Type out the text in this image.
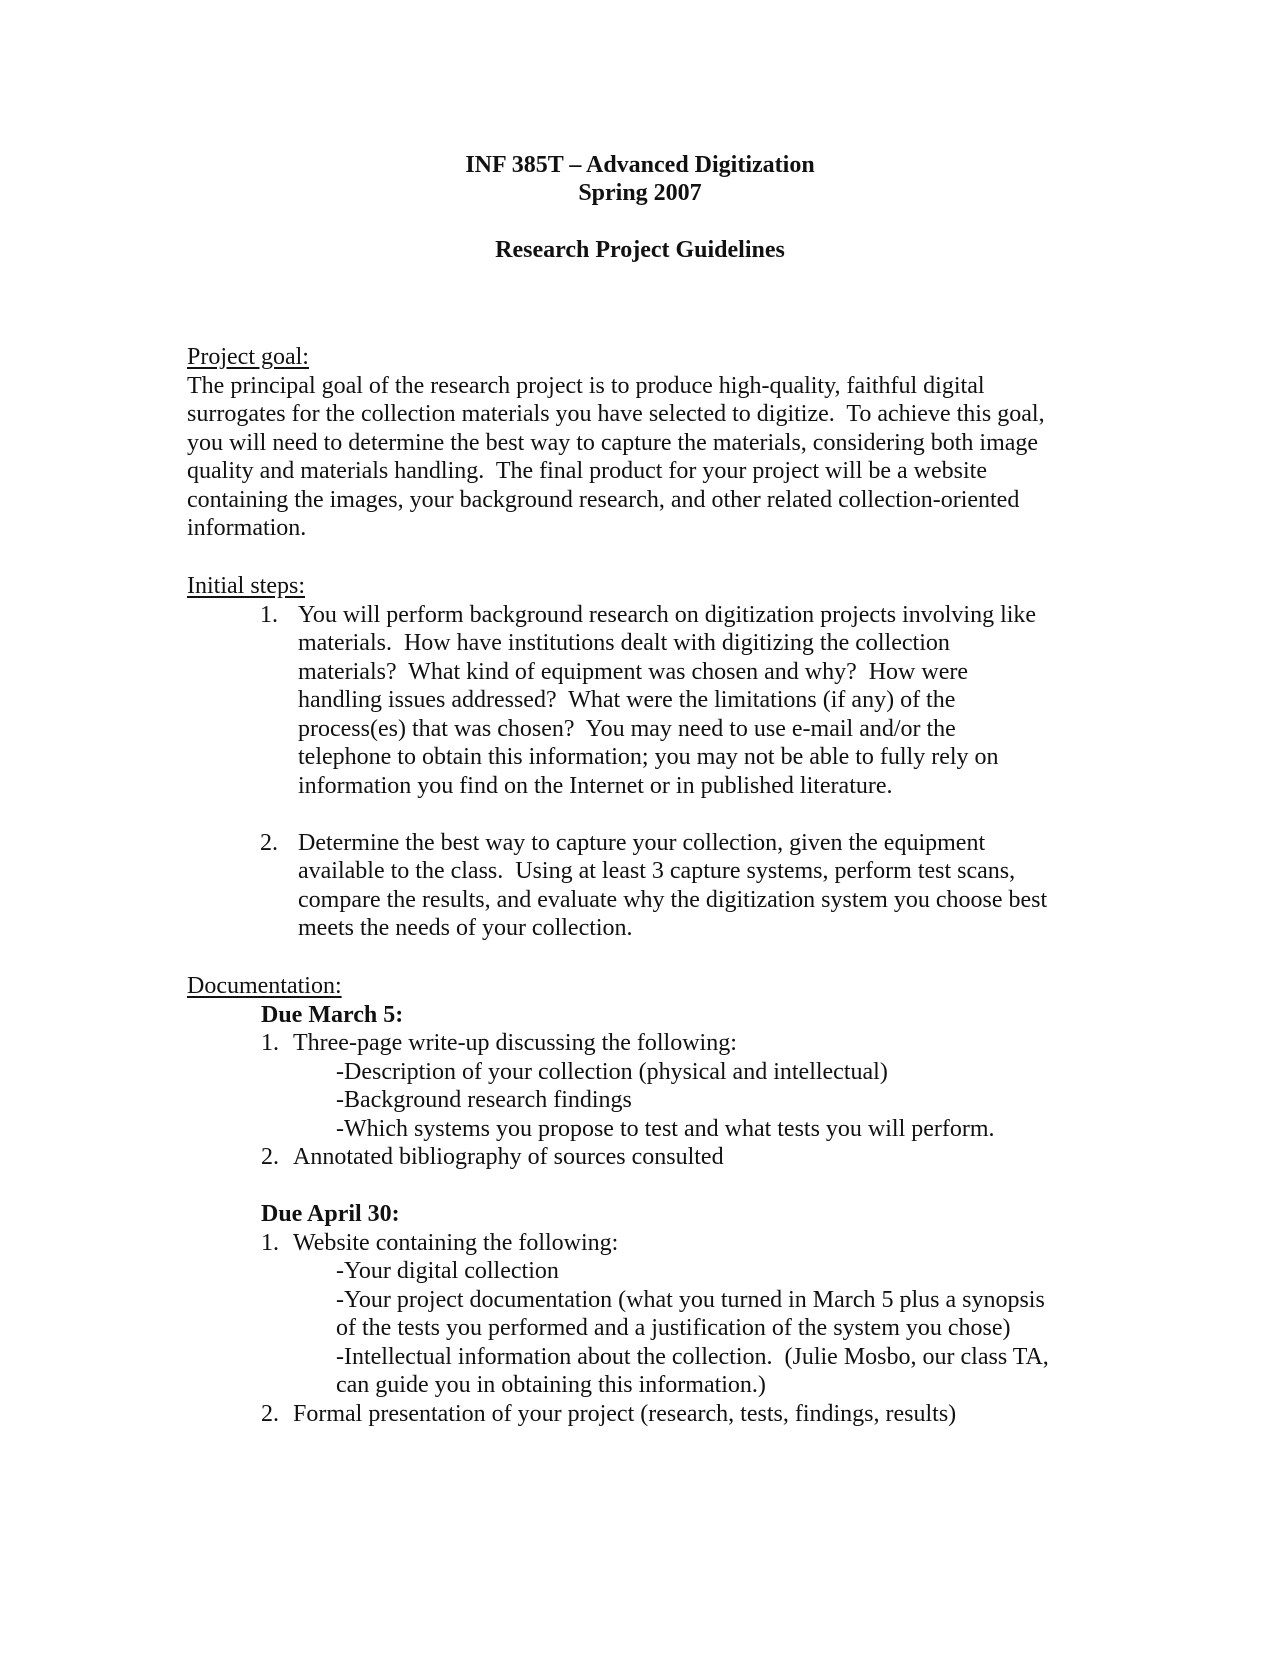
INF 385T – Advanced Digitization
Spring 2007
Research Project Guidelines
Project goal:
The principal goal of the research project is to produce high-quality, faithful digital
surrogates for the collection materials you have selected to digitize.  To achieve this goal,
you will need to determine the best way to capture the materials, considering both image
quality and materials handling.  The final product for your project will be a website
containing the images, your background research, and other related collection-oriented
information.
Initial steps:
1. You will perform background research on digitization projects involving like
materials.  How have institutions dealt with digitizing the collection
materials?  What kind of equipment was chosen and why?  How were
handling issues addressed?  What were the limitations (if any) of the
process(es) that was chosen?  You may need to use e-mail and/or the
telephone to obtain this information; you may not be able to fully rely on
information you find on the Internet or in published literature.
2. Determine the best way to capture your collection, given the equipment
available to the class.  Using at least 3 capture systems, perform test scans,
compare the results, and evaluate why the digitization system you choose best
meets the needs of your collection.
Documentation:
Due March 5:
1. Three-page write-up discussing the following:
-Description of your collection (physical and intellectual)
-Background research findings
-Which systems you propose to test and what tests you will perform.
2. Annotated bibliography of sources consulted
Due April 30:
1. Website containing the following:
-Your digital collection
-Your project documentation (what you turned in March 5 plus a synopsis
of the tests you performed and a justification of the system you chose)
-Intellectual information about the collection.  (Julie Mosbo, our class TA,
can guide you in obtaining this information.)
2. Formal presentation of your project (research, tests, findings, results)
